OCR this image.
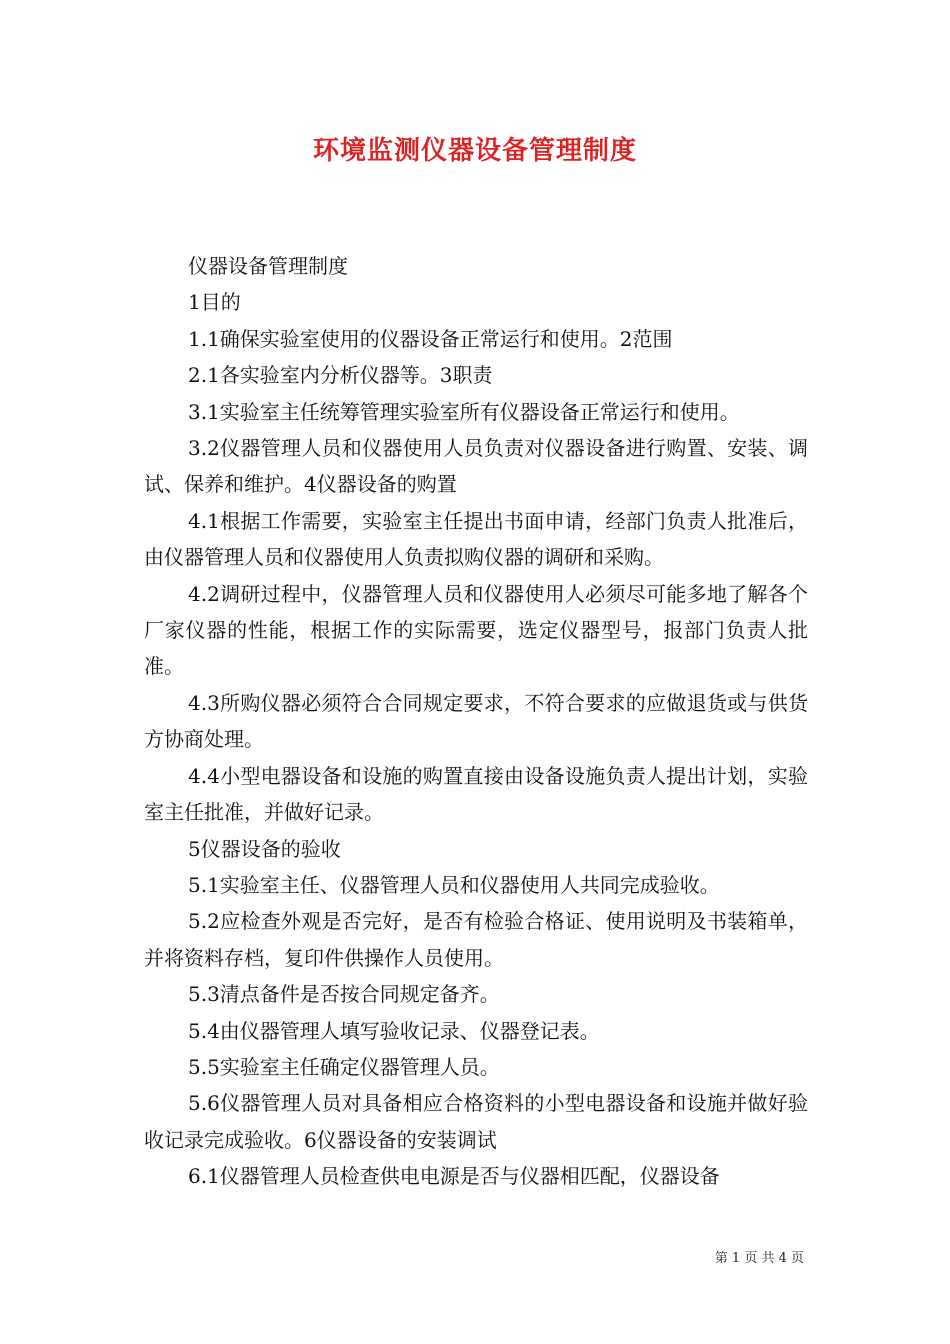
环境监测仪器设备管理制度

仪器设备管理制度

1目的

1.1确保实验室使用的仪器设备正常运行和使用。2范围

2.1各实验室内分析仪器等。3职责

3.1实验室主任统筹管理实验室所有仪器设备正常运行和使用。

3.2仪器管理人员和仪器使用人员负责对仪器设备进行购置、安装、调试、保养和维护。4仪器设备的购置

4.1根据工作需要，实验室主任提出书面申请，经部门负责人批准后，由仪器管理人员和仪器使用人负责拟购仪器的调研和采购。

4.2调研过程中，仪器管理人员和仪器使用人必须尽可能多地了解各个厂家仪器的性能，根据工作的实际需要，选定仪器型号，报部门负责人批准。

4.3所购仪器必须符合合同规定要求，不符合要求的应做退货或与供货方协商处理。

4.4小型电器设备和设施的购置直接由设备设施负责人提出计划，实验室主任批准，并做好记录。

5仪器设备的验收

5.1实验室主任、仪器管理人员和仪器使用人共同完成验收。

5.2应检查外观是否完好，是否有检验合格证、使用说明及书装箱单，并将资料存档，复印件供操作人员使用。

5.3清点备件是否按合同规定备齐。

5.4由仪器管理人填写验收记录、仪器登记表。

5.5实验室主任确定仪器管理人员。

5.6仪器管理人员对具备相应合格资料的小型电器设备和设施并做好验收记录完成验收。6仪器设备的安装调试

6.1仪器管理人员检查供电电源是否与仪器相匹配，仪器设备

第 1 页 共 4 页
